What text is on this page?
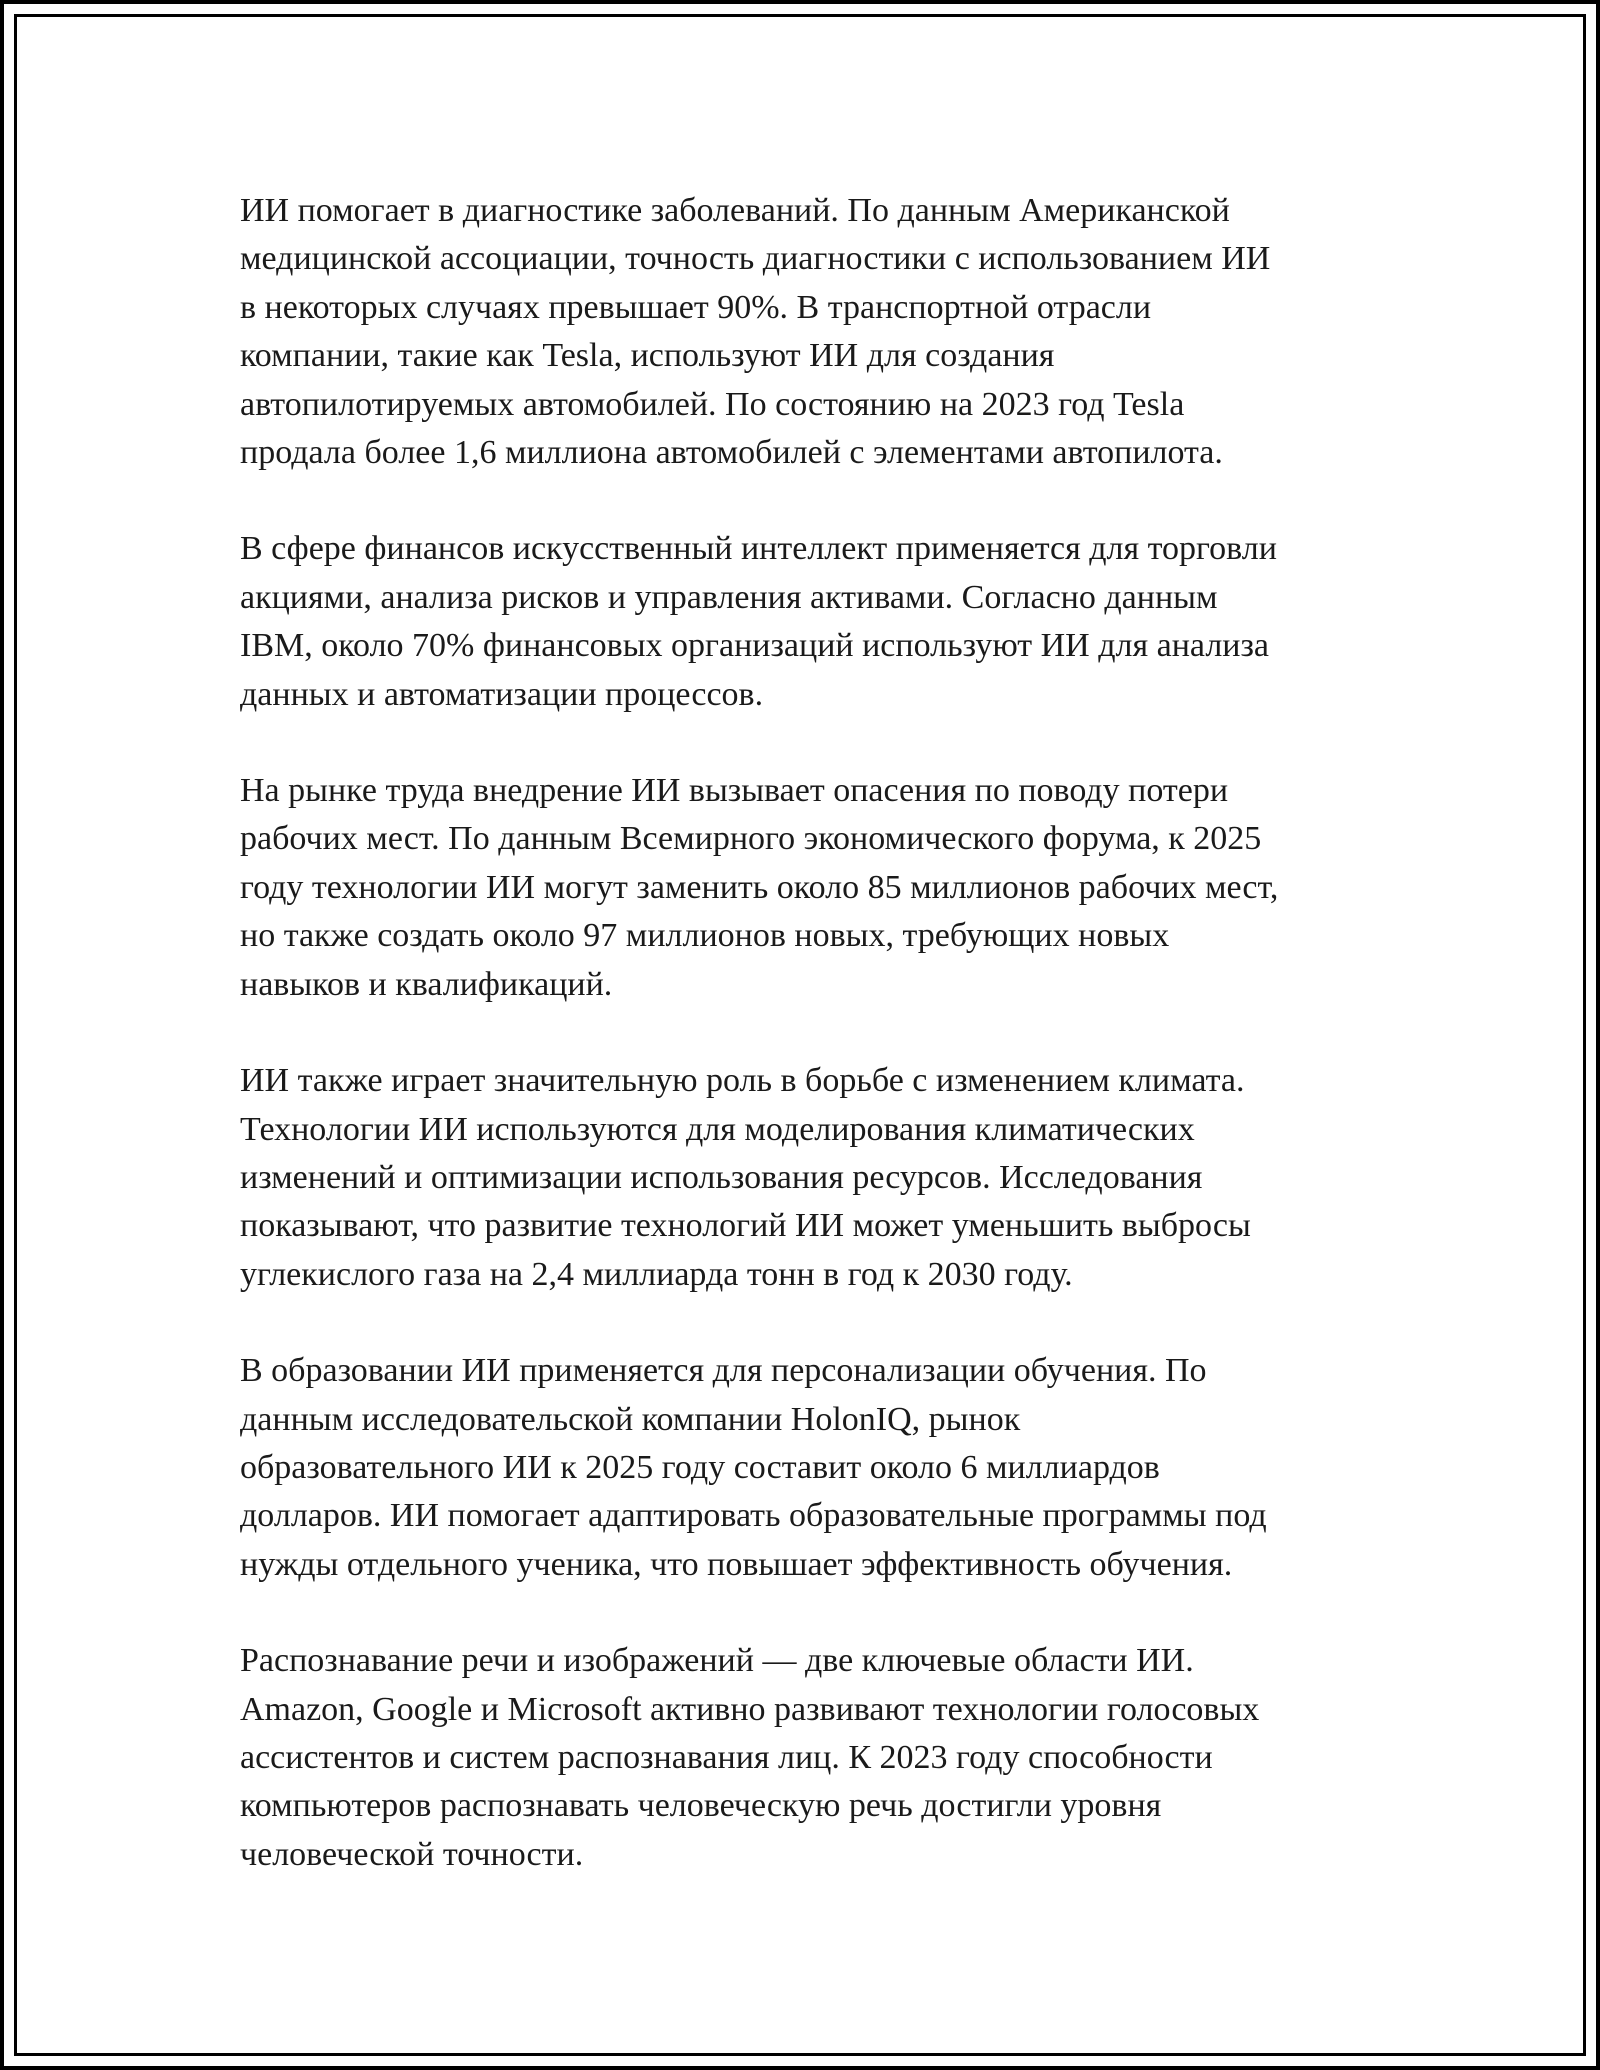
ИИ помогает в диагностике заболеваний. По данным Американской
медицинской ассоциации, точность диагностики с использованием ИИ
в некоторых случаях превышает 90%. В транспортной отрасли
компании, такие как Tesla, используют ИИ для создания
автопилотируемых автомобилей. По состоянию на 2023 год Tesla
продала более 1,6 миллиона автомобилей с элементами автопилота.

В сфере финансов искусственный интеллект применяется для торговли
акциями, анализа рисков и управления активами. Согласно данным
IBM, около 70% финансовых организаций используют ИИ для анализа
данных и автоматизации процессов.

На рынке труда внедрение ИИ вызывает опасения по поводу потери
рабочих мест. По данным Всемирного экономического форума, к 2025
году технологии ИИ могут заменить около 85 миллионов рабочих мест,
но также создать около 97 миллионов новых, требующих новых
навыков и квалификаций.

ИИ также играет значительную роль в борьбе с изменением климата.
Технологии ИИ используются для моделирования климатических
изменений и оптимизации использования ресурсов. Исследования
показывают, что развитие технологий ИИ может уменьшить выбросы
углекислого газа на 2,4 миллиарда тонн в год к 2030 году.

В образовании ИИ применяется для персонализации обучения. По
данным исследовательской компании HolonIQ, рынок
образовательного ИИ к 2025 году составит около 6 миллиардов
долларов. ИИ помогает адаптировать образовательные программы под
нужды отдельного ученика, что повышает эффективность обучения.

Распознавание речи и изображений — две ключевые области ИИ.
Amazon, Google и Microsoft активно развивают технологии голосовых
ассистентов и систем распознавания лиц. К 2023 году способности
компьютеров распознавать человеческую речь достигли уровня
человеческой точности.
